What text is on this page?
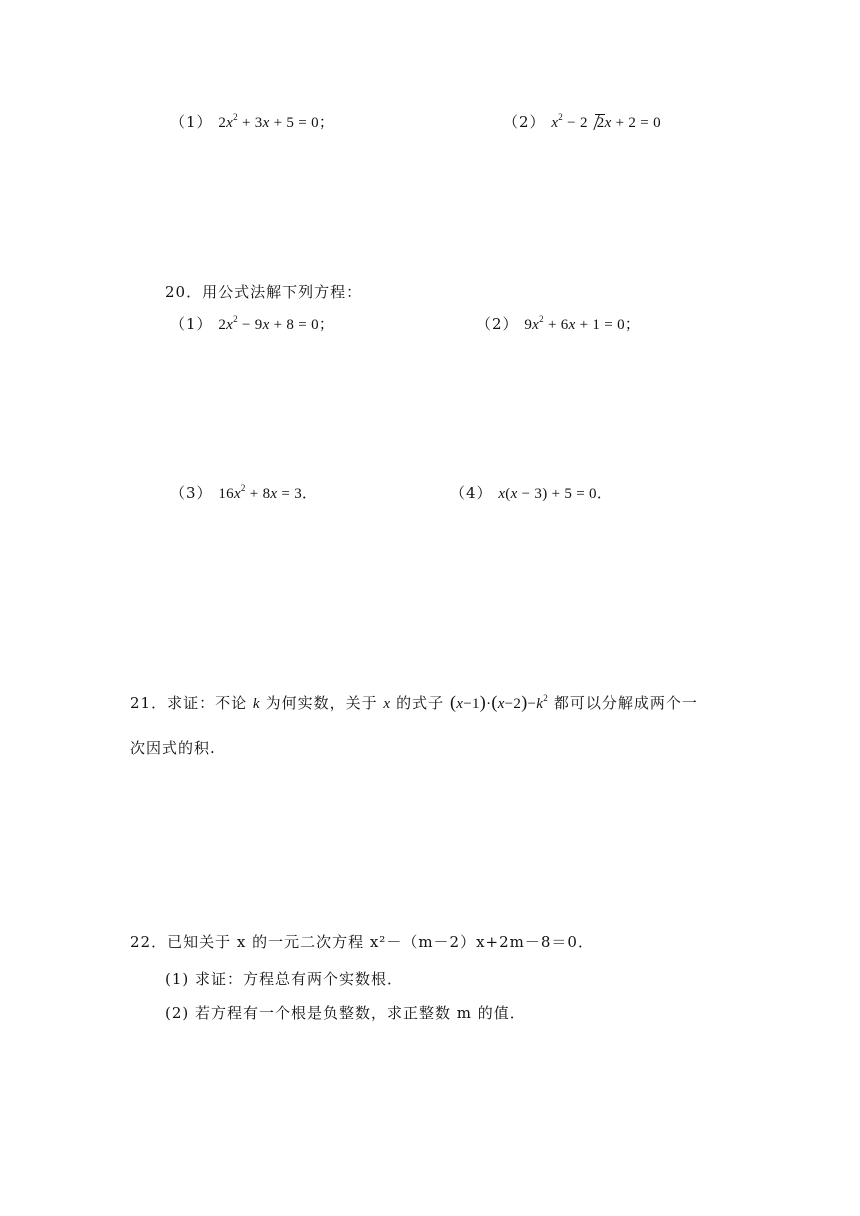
（1） $2x^2 + 3x + 5 = 0$；	（2） $x^2 - 2$ 2x + 2 = 0
20．用公式法解下列方程：
（1） $2x^2 - 9x + 8 = 0$；	（2） $9x^2 + 6x + 1 = 0$；
（3） $16x^2 + 8x = 3$．	（4） x(x − 3) + 5 = 0．
21．求证：不论 k 为何实数，关于 x 的式子 $(x-1)\cdot(x-2)-k^2$ 都可以分解成两个一
次因式的积.
22．已知关于 x 的一元二次方程 x²－（m－2）x+2m－8＝0．
(1) 求证：方程总有两个实数根．
(2) 若方程有一个根是负整数，求正整数 m 的值．
